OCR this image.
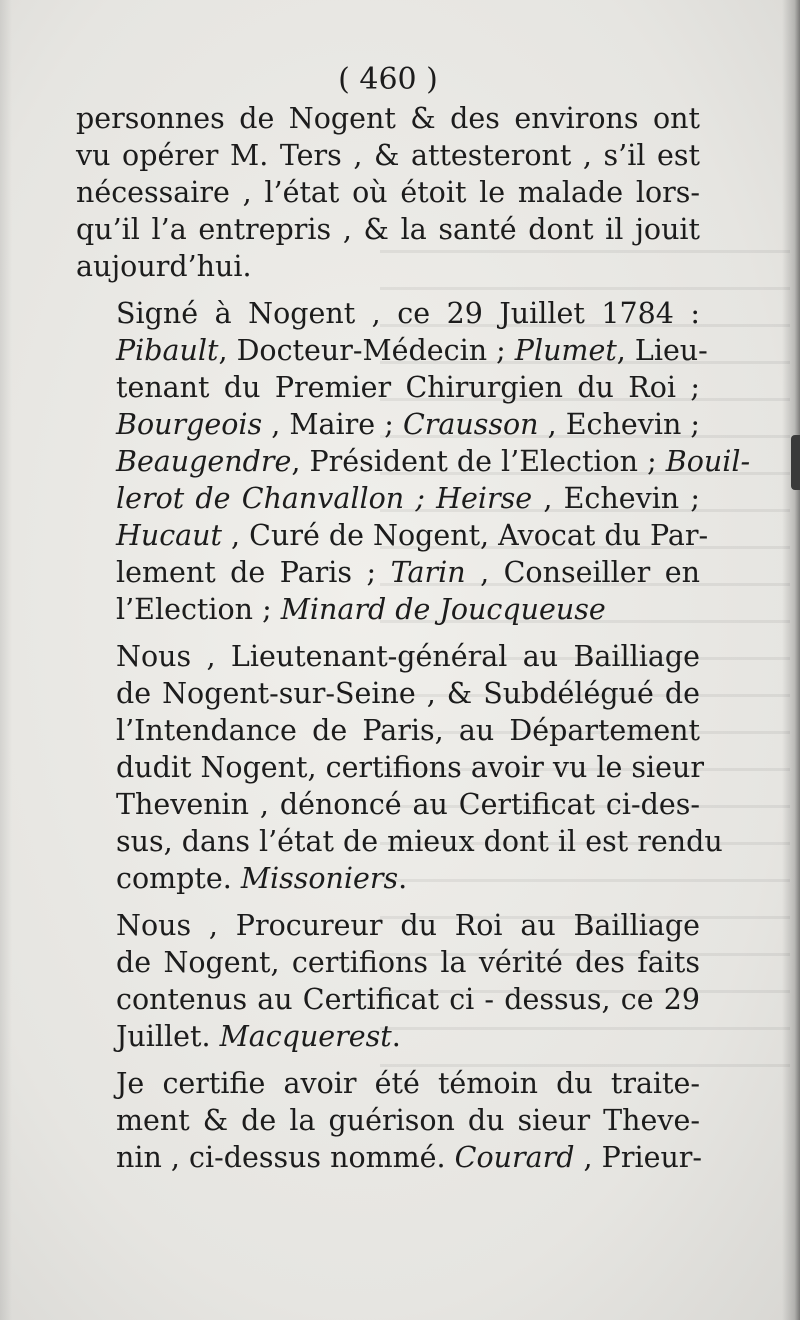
( 460 )
personnes de Nogent & des environs ont
vu opérer M. Ters , & attesteront , s’il est
nécessaire , l’état où étoit le malade lors-
qu’il l’a entrepris , & la santé dont il jouit
aujourd’hui.
Signé à Nogent , ce 29 Juillet 1784 :
Pibault, Docteur-Médecin ; Plumet, Lieu-
tenant du Premier Chirurgien du Roi ;
Bourgeois , Maire ; Crausson , Echevin ;
Beaugendre, Président de l’Election ; Bouil-
lerot de Chanvallon ; Heirse , Echevin ;
Hucaut , Curé de Nogent, Avocat du Par-
lement de Paris ; Tarin , Conseiller en
l’Election ; Minard de Joucqueuse
Nous , Lieutenant-général au Bailliage
de Nogent-sur-Seine , & Subdélégué de
l’Intendance de Paris, au Département
dudit Nogent, certifions avoir vu le sieur
Thevenin , dénoncé au Certificat ci-des-
sus, dans l’état de mieux dont il est rendu
compte. Missoniers.
Nous , Procureur du Roi au Bailliage
de Nogent, certifions la vérité des faits
contenus au Certificat ci - dessus, ce 29
Juillet. Macquerest.
Je certifie avoir été témoin du traite-
ment & de la guérison du sieur Theve-
nin , ci-dessus nommé. Courard , Prieur-
